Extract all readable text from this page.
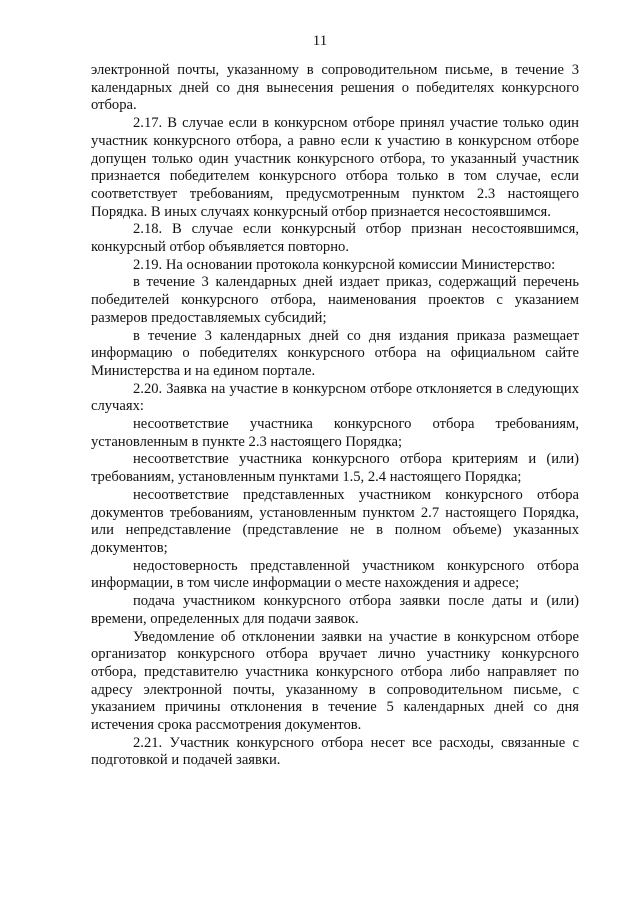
11

электронной почты, указанному в сопроводительном письме, в течение 3 календарных дней со дня вынесения решения о победителях конкурсного отбора.

2.17. В случае если в конкурсном отборе принял участие только один участник конкурсного отбора, а равно если к участию в конкурсном отборе допущен только один участник конкурсного отбора, то указанный участник признается победителем конкурсного отбора только в том случае, если соответствует требованиям, предусмотренным пунктом 2.3 настоящего Порядка. В иных случаях конкурсный отбор признается несостоявшимся.

2.18. В случае если конкурсный отбор признан несостоявшимся, конкурсный отбор объявляется повторно.

2.19. На основании протокола конкурсной комиссии Министерство:

в течение 3 календарных дней издает приказ, содержащий перечень победителей конкурсного отбора, наименования проектов с указанием размеров предоставляемых субсидий;

в течение 3 календарных дней со дня издания приказа размещает информацию о победителях конкурсного отбора на официальном сайте Министерства и на едином портале.

2.20. Заявка на участие в конкурсном отборе отклоняется в следующих случаях:

несоответствие участника конкурсного отбора требованиям, установленным в пункте 2.3 настоящего Порядка;

несоответствие участника конкурсного отбора критериям и (или) требованиям, установленным пунктами 1.5, 2.4 настоящего Порядка;

несоответствие представленных участником конкурсного отбора документов требованиям, установленным пунктом 2.7 настоящего Порядка, или непредставление (представление не в полном объеме) указанных документов;

недостоверность представленной участником конкурсного отбора информации, в том числе информации о месте нахождения и адресе;

подача участником конкурсного отбора заявки после даты и (или) времени, определенных для подачи заявок.

Уведомление об отклонении заявки на участие в конкурсном отборе организатор конкурсного отбора вручает лично участнику конкурсного отбора, представителю участника конкурсного отбора либо направляет по адресу электронной почты, указанному в сопроводительном письме, с указанием причины отклонения в течение 5 календарных дней со дня истечения срока рассмотрения документов.

2.21. Участник конкурсного отбора несет все расходы, связанные с подготовкой и подачей заявки.
